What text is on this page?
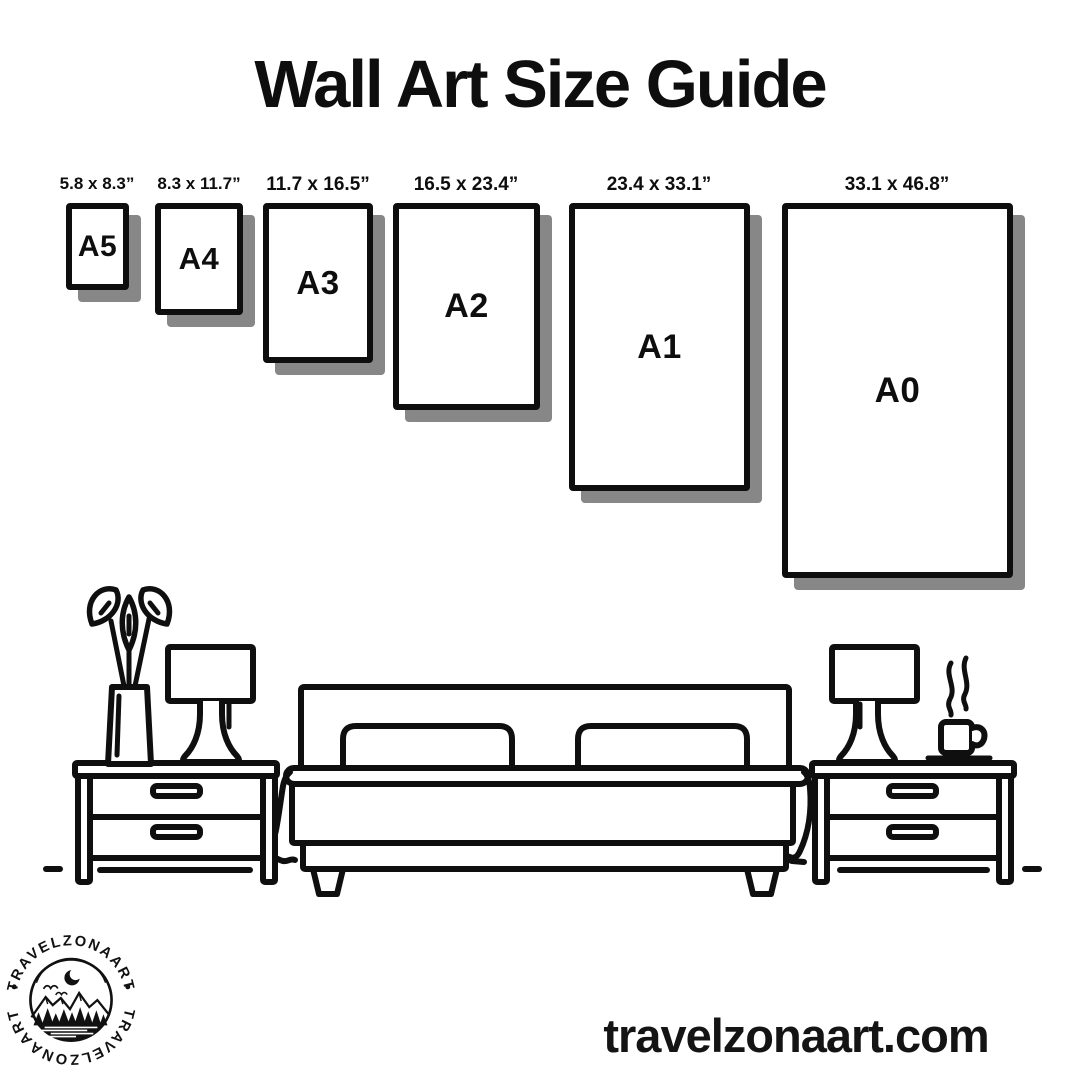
Wall Art Size Guide
5.8 x 8.3” 8.3 x 11.7” 11.7 x 16.5” 16.5 x 23.4”	23.4 x 33.1”	33.1 x 46.8”
A5 A4
A3
A2
A1
A0
TRAVELZONAART
TRAVELZONAART	travelzonaart.com
